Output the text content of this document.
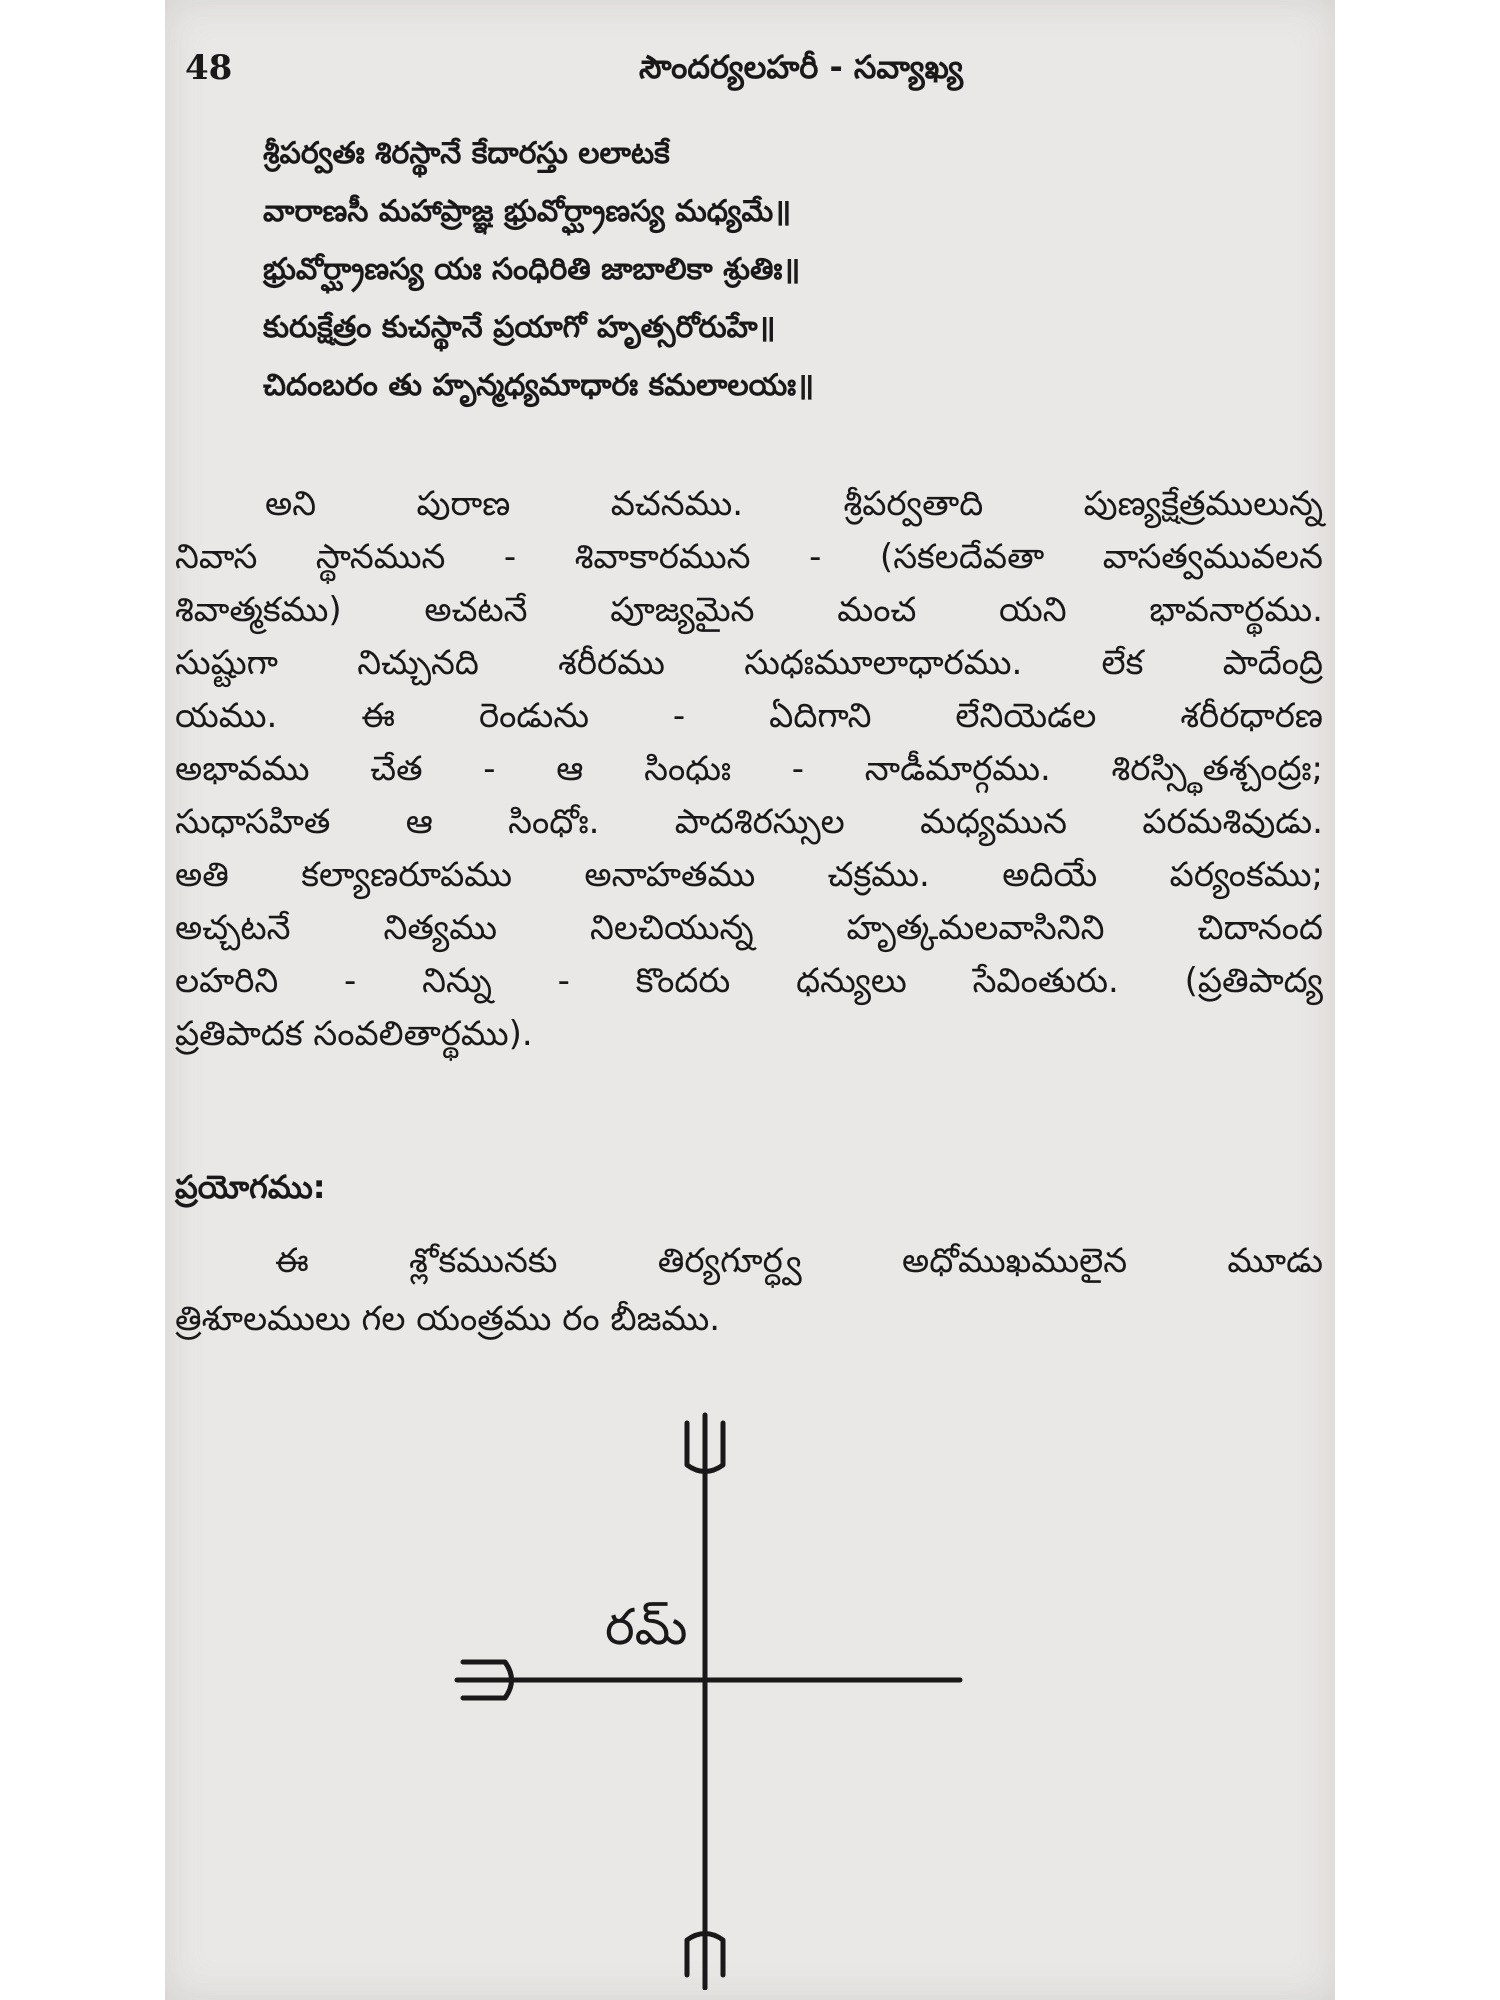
48	సౌందర్యలహరీ - సవ్యాఖ్య
శ్రీపర్వతః శిరస్థానే కేదారస్తు లలాటకే
వారాణసీ మహాప్రాజ్ఞ భ్రువోర్ఘ్రాణస్య మధ్యమే॥
భ్రువోర్ఘ్రాణస్య యః సంధిరితి జాబాలికా శ్రుతిః॥
కురుక్షేత్రం కుచస్థానే ప్రయాగో హృత్సరోరుహే॥
చిదంబరం తు హృన్మధ్యమాధారః కమలాలయః॥
అని పురాణ వచనము. శ్రీపర్వతాది పుణ్యక్షేత్రములున్న
నివాస స్థానమున - శివాకారమున - (సకలదేవతా వాసత్వమువలన
శివాత్మకము) అచటనే పూజ్యమైన మంచ యని భావనార్థము.
సుష్టుగా నిచ్చునది శరీరము సుధఃమూలాధారము. లేక పాదేంద్రి
యము. ఈ రెండును - ఏదిగాని లేనియెడల శరీరధారణ
అభావము చేత - ఆ సింధుః - నాడీమార్గము. శిరస్స్థితశ్చంద్రః;
సుధాసహిత ఆ సింధోః. పాదశిరస్సుల మధ్యమున పరమశివుడు.
అతి కల్యాణరూపము అనాహతము చక్రము. అదియే పర్యంకము;
అచ్చటనే నిత్యము నిలచియున్న హృత్కమలవాసినిని చిదానంద
లహరిని - నిన్ను - కొందరు ధన్యులు సేవింతురు. (ప్రతిపాద్య
ప్రతిపాదక సంవలితార్థము).
ప్రయోగము:
ఈ శ్లోకమునకు తిర్యగూర్ధ్వ అధోముఖములైన మూడు
త్రిశూలములు గల యంత్రము రం బీజము.
రమ్
